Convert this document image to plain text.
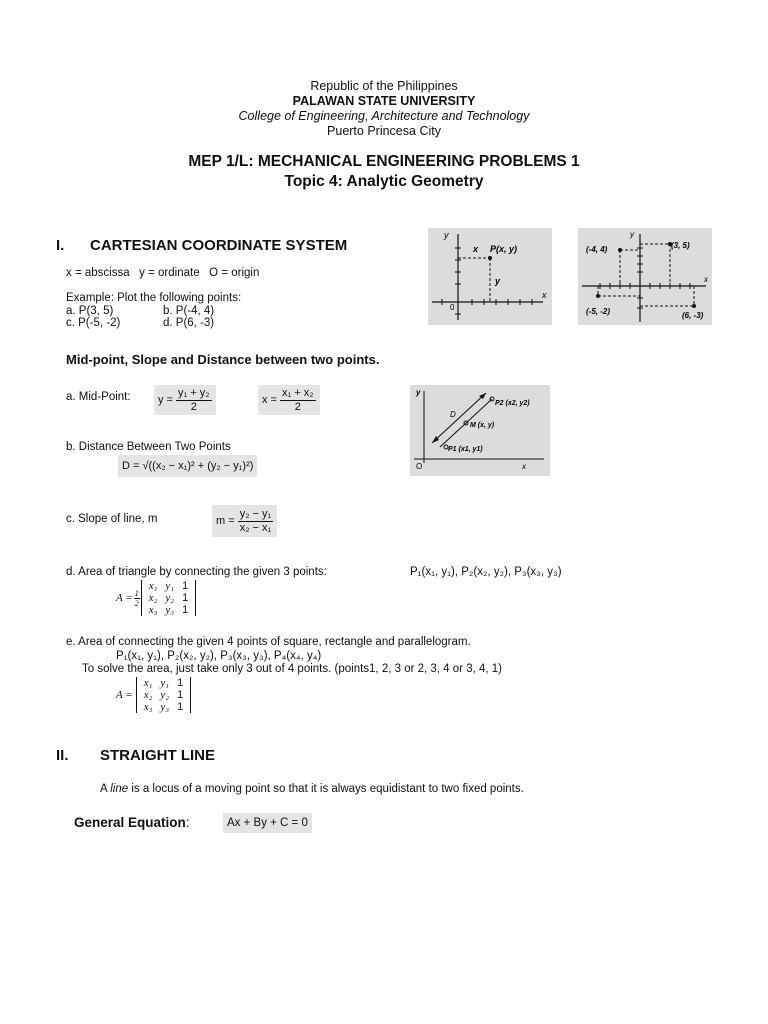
Republic of the Philippines
PALAWAN STATE UNIVERSITY
College of Engineering, Architecture and Technology
Puerto Princesa City
MEP 1/L: MECHANICAL ENGINEERING PROBLEMS 1
Topic 4: Analytic Geometry
I. CARTESIAN COORDINATE SYSTEM
x = abscissa   y = ordinate   O = origin
Example: Plot the following points:
a. P(3, 5)	b. P(-4, 4)
c. P(-5, -2)	d. P(6, -3)
y
x
0
x P(x, y)
y
y
x
(-4, 4)	(3, 5)
(-5, -2)	(6, -3)
Mid-point, Slope and Distance between two points.
a. Mid-Point: y =
$\frac{\text{y₁ + y₂}}{2}$	x =
$\frac{\text{x₁ + x₂}}{2}$
b. Distance Between Two Points
D = √((x₂ − x₁)² + (y₂ − y₁)²)
c. Slope of line, m	m =
$\frac{\text{y₂ − y₁}}{\text{x₂ − x₁}}$
y
x
O
P2 (x2, y2)
M (x, y)
P1 (x1, y1)
D
d. Area of triangle by connecting the given 3 points:	P₁(x₁, y₁), P₂(x₂, y₂), P₃(x₃, y₃)
$A = \frac{1}{2}$
x₁	y₁	1
x₂	y₂	1
x₃	y₃	1
e. Area of connecting the given 4 points of square, rectangle and parallelogram.
P₁(x₁, y₁), P₂(x₂, y₂), P₃(x₃, y₃), P₄(x₄, y₄)
To solve the area, just take only 3 out of 4 points. (points1, 2, 3 or 2, 3, 4 or 3, 4, 1)
A =
x₁	y₁	1
x₂	y₂	1
x₃	y₃	1
II. STRAIGHT LINE
A line is a locus of a moving point so that it is always equidistant to two fixed points.
General Equation:	Ax + By + C = 0
